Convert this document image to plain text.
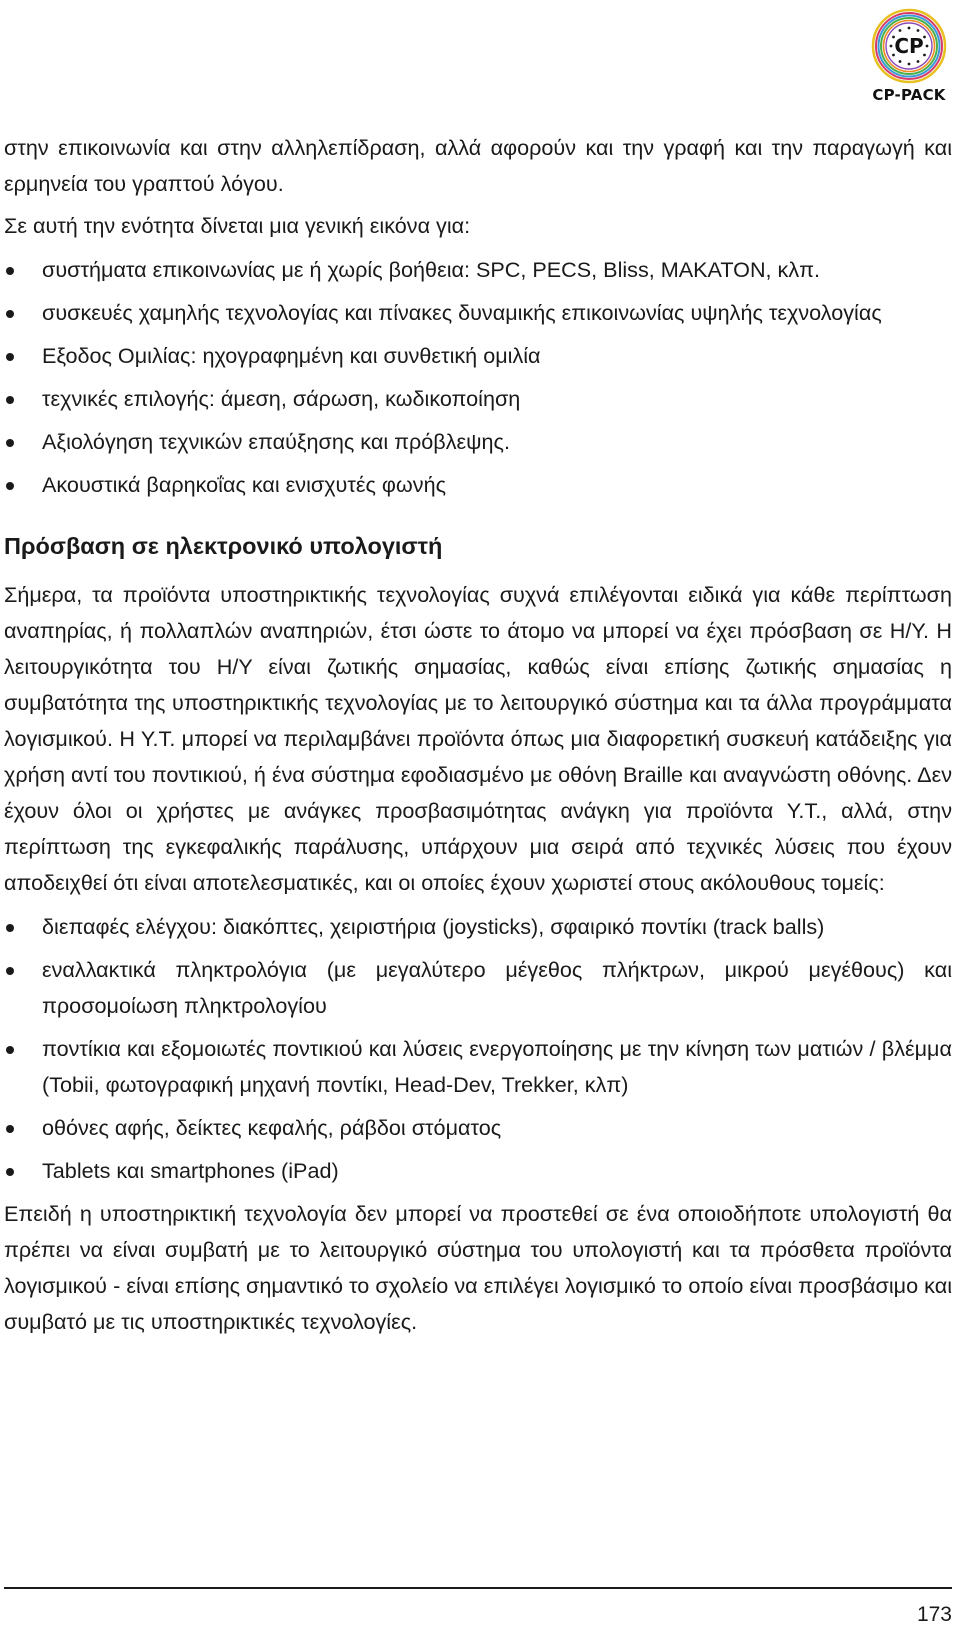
CP
CP-PACK

στην επικοινωνία και στην αλληλεπίδραση, αλλά αφορούν και την γραφή και την παραγωγή και ερμηνεία του γραπτού λόγου.

Σε αυτή την ενότητα δίνεται μια γενική εικόνα για:

συστήματα επικοινωνίας με ή χωρίς βοήθεια: SPC, PECS, Bliss, MAKATON, κλπ.
συσκευές χαμηλής τεχνολογίας και πίνακες δυναμικής επικοινωνίας υψηλής τεχνολογίας
Εξοδος Ομιλίας: ηχογραφημένη και συνθετική ομιλία
τεχνικές επιλογής: άμεση, σάρωση, κωδικοποίηση
Αξιολόγηση τεχνικών επαύξησης και πρόβλεψης.
Ακουστικά βαρηκοΐας και ενισχυτές φωνής
Πρόσβαση σε ηλεκτρονικό υπολογιστή

Σήμερα, τα προϊόντα υποστηρικτικής τεχνολογίας συχνά επιλέγονται ειδικά για κάθε περίπτωση αναπηρίας, ή πολλαπλών αναπηριών, έτσι ώστε το άτομο να μπορεί να έχει πρόσβαση σε Η/Υ. Η λειτουργικότητα του Η/Υ είναι ζωτικής σημασίας, καθώς είναι επίσης ζωτικής σημασίας η συμβατότητα της υποστηρικτικής τεχνολογίας με το λειτουργικό σύστημα και τα άλλα προγράμματα λογισμικού. Η Υ.Τ. μπορεί να περιλαμβάνει προϊόντα όπως μια διαφορετική συσκευή κατάδειξης για χρήση αντί του ποντικιού, ή ένα σύστημα εφοδιασμένο με οθόνη Braille και αναγνώστη οθόνης. Δεν έχουν όλοι οι χρήστες με ανάγκες προσβασιμότητας ανάγκη για προϊόντα Υ.Τ., αλλά, στην περίπτωση της εγκεφαλικής παράλυσης, υπάρχουν μια σειρά από τεχνικές λύσεις που έχουν αποδειχθεί ότι είναι αποτελεσματικές, και οι οποίες έχουν χωριστεί στους ακόλουθους τομείς:

διεπαφές ελέγχου: διακόπτες, χειριστήρια (joysticks), σφαιρικό ποντίκι (track balls)
εναλλακτικά πληκτρολόγια (με μεγαλύτερο μέγεθος πλήκτρων, μικρού μεγέθους) και προσομοίωση πληκτρολογίου
ποντίκια και εξομοιωτές ποντικιού και λύσεις ενεργοποίησης με την κίνηση των ματιών / βλέμμα (Tobii, φωτογραφική μηχανή ποντίκι, Head-Dev, Trekker, κλπ)
οθόνες αφής, δείκτες κεφαλής, ράβδοι στόματος
Tablets και smartphones (iPad)

Επειδή η υποστηρικτική τεχνολογία δεν μπορεί να προστεθεί σε ένα οποιοδήποτε υπολογιστή θα πρέπει να είναι συμβατή με το λειτουργικό σύστημα του υπολογιστή και τα πρόσθετα προϊόντα λογισμικού - είναι επίσης σημαντικό το σχολείο να επιλέγει λογισμικό το οποίο είναι προσβάσιμο και συμβατό με τις υποστηρικτικές τεχνολογίες.

173
